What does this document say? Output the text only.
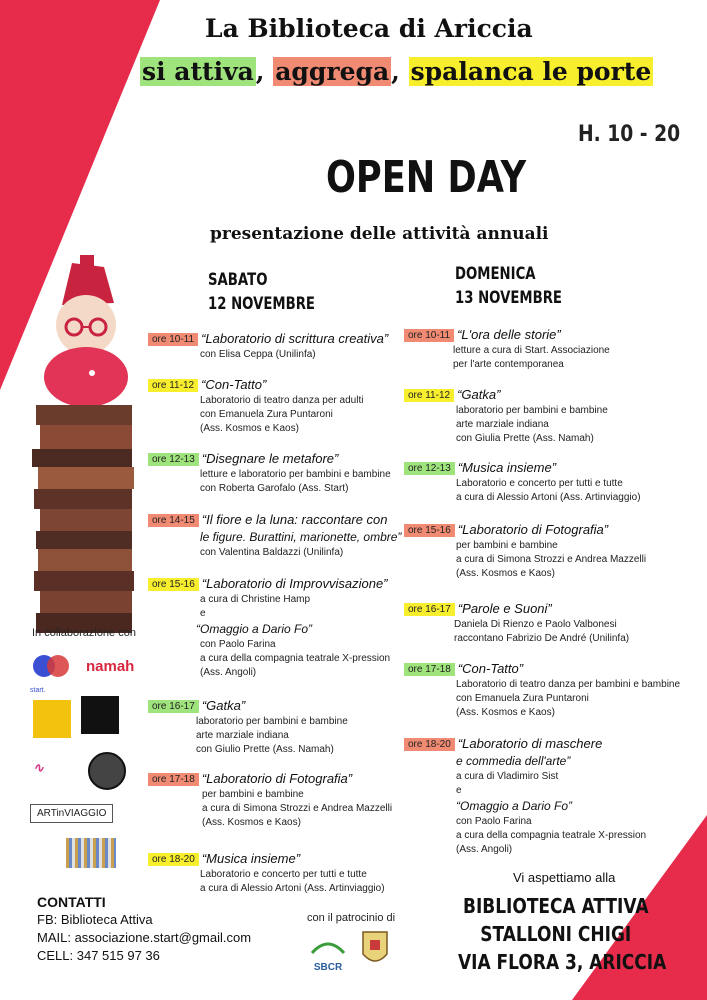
La Biblioteca di Ariccia
si attiva, aggrega, spalanca le porte
H. 10 - 20
OPEN DAY
presentazione delle attività annuali
SABATO
12 NOVEMBRE
DOMENICA
13 NOVEMBRE
ore 10-11 “Laboratorio di scrittura creativa”
con Elisa Ceppa (Unilinfa)
ore 11-12 “Con-Tatto”
Laboratorio di teatro danza per adulti
con Emanuela Zura Puntaroni
(Ass. Kosmos e Kaos)
ore 12-13 “Disegnare le metafore”
letture e laboratorio per bambini e bambine
con Roberta Garofalo (Ass. Start)
ore 14-15 “Il fiore e la luna: raccontare con
le figure. Burattini, marionette, ombre”
con Valentina Baldazzi (Unilinfa)
ore 15-16 “Laboratorio di Improvvisazione”
a cura di Christine Hamp
e
“Omaggio a Dario Fo”
con Paolo Farina
a cura della compagnia teatrale X-pression
(Ass. Angoli)
ore 16-17 “Gatka”
laboratorio per bambini e bambine
arte marziale indiana
con Giulio Prette (Ass. Namah)
ore 17-18 “Laboratorio di Fotografia”
per bambini e bambine
a cura di Simona Strozzi e Andrea Mazzelli
(Ass. Kosmos e Kaos)
ore 18-20 “Musica insieme”
Laboratorio e concerto per tutti e tutte
a cura di Alessio Artoni (Ass. Artinviaggio)
ore 10-11 “L'ora delle storie”
letture a cura di Start. Associazione
per l'arte contemporanea
ore 11-12 “Gatka”
laboratorio per bambini e bambine
arte marziale indiana
con Giulia Prette (Ass. Namah)
ore 12-13 “Musica insieme”
Laboratorio e concerto per tutti e tutte
a cura di Alessio Artoni (Ass. Artinviaggio)
ore 15-16 “Laboratorio di Fotografia”
per bambini e bambine
a cura di Simona Strozzi e Andrea Mazzelli
(Ass. Kosmos e Kaos)
ore 16-17 “Parole e Suoni”
Daniela Di Rienzo e Paolo Valbonesi
raccontano Fabrizio De André (Unilinfa)
ore 17-18 “Con-Tatto”
Laboratorio di teatro danza per bambini e bambine
con Emanuela Zura Puntaroni
(Ass. Kosmos e Kaos)
ore 18-20 “Laboratorio di maschere
e commedia dell'arte”
a cura di Vladimiro Sist
e
“Omaggio a Dario Fo”
con Paolo Farina
a cura della compagnia teatrale X-pression
(Ass. Angoli)
In collaborazione con
start.
namah
∿
ARTinVIAGGIO
CONTATTI
FB: Biblioteca Attiva
MAIL: associazione.start@gmail.com
CELL: 347 515 97 36
con il patrocinio di
SBCR
Vi aspettiamo alla
BIBLIOTECA ATTIVA
STALLONI CHIGI
VIA FLORA 3, ARICCIA
